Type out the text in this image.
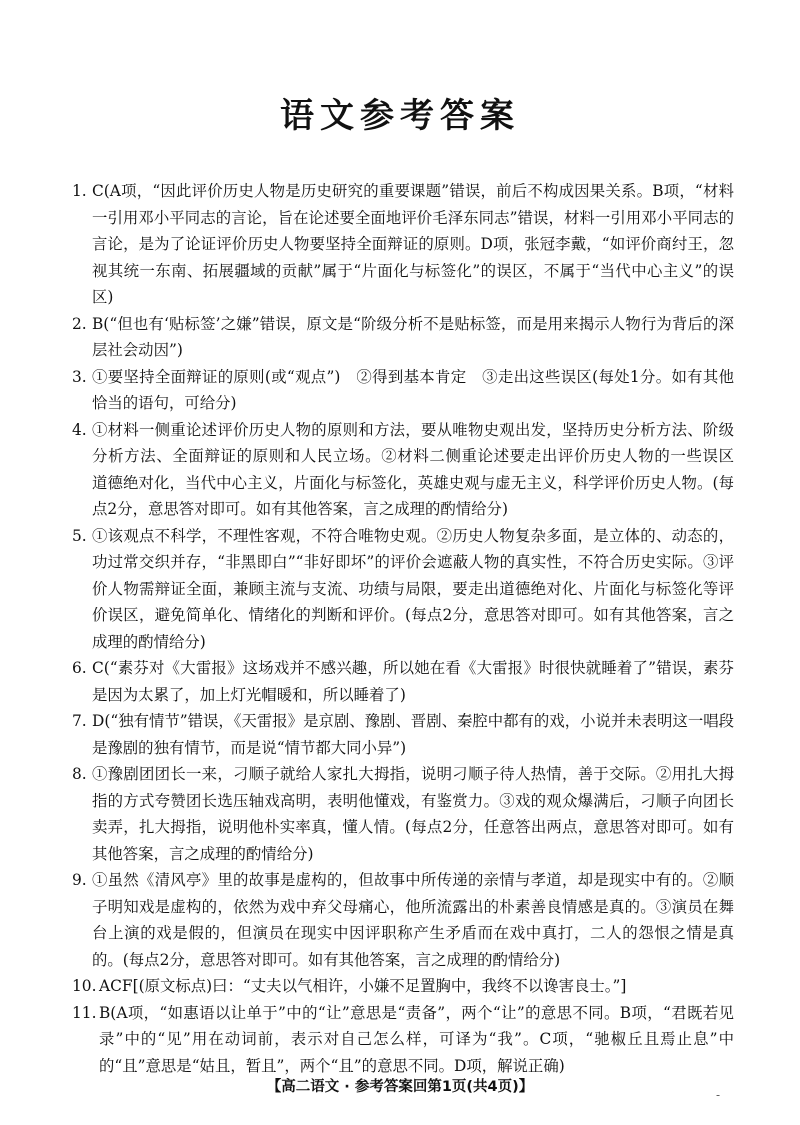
语文参考答案
1. C(A项，“因此评价历史人物是历史研究的重要课题”错误，前后不构成因果关系。B项，“材料一引用邓小平同志的言论，旨在论述要全面地评价毛泽东同志”错误，材料一引用邓小平同志的言论，是为了论证评价历史人物要坚持全面辩证的原则。D项，张冠李戴，“如评价商纣王，忽视其统一东南、拓展疆域的贡献”属于“片面化与标签化”的误区，不属于“当代中心主义”的误区)
2. B(“但也有‘贴标签’之嫌”错误，原文是“阶级分析不是贴标签，而是用来揭示人物行为背后的深层社会动因”)
3. ①要坚持全面辩证的原则(或“观点”)　②得到基本肯定　③走出这些误区(每处1分。如有其他恰当的语句，可给分)
4. ①材料一侧重论述评价历史人物的原则和方法，要从唯物史观出发，坚持历史分析方法、阶级分析方法、全面辩证的原则和人民立场。②材料二侧重论述要走出评价历史人物的一些误区　　道德绝对化，当代中心主义，片面化与标签化，英雄史观与虚无主义，科学评价历史人物。(每点2分，意思答对即可。如有其他答案，言之成理的酌情给分)
5. ①该观点不科学，不理性客观，不符合唯物史观。②历史人物复杂多面，是立体的、动态的，功过常交织并存，“非黑即白”“非好即坏”的评价会遮蔽人物的真实性，不符合历史实际。③评价人物需辩证全面，兼顾主流与支流、功绩与局限，要走出道德绝对化、片面化与标签化等评价误区，避免简单化、情绪化的判断和评价。(每点2分，意思答对即可。如有其他答案，言之成理的酌情给分)
6. C(“素芬对《大雷报》这场戏并不感兴趣，所以她在看《大雷报》时很快就睡着了”错误，素芬是因为太累了，加上灯光帽暖和，所以睡着了)
7. D(“独有情节”错误，《天雷报》是京剧、豫剧、晋剧、秦腔中都有的戏，小说并未表明这一唱段是豫剧的独有情节，而是说“情节都大同小异”)
8. ①豫剧团团长一来，刁顺子就给人家扎大拇指，说明刁顺子待人热情，善于交际。②用扎大拇指的方式夸赞团长选压轴戏高明，表明他懂戏，有鉴赏力。③戏的观众爆满后，刁顺子向团长卖弄，扎大拇指，说明他朴实率真，懂人情。(每点2分，任意答出两点，意思答对即可。如有其他答案，言之成理的酌情给分)
9. ①虽然《清风亭》里的故事是虚构的，但故事中所传递的亲情与孝道，却是现实中有的。②顺子明知戏是虚构的，依然为戏中弃父母痛心，他所流露出的朴素善良情感是真的。③演员在舞台上演的戏是假的，但演员在现实中因评职称产生矛盾而在戏中真打，二人的怨恨之情是真的。(每点2分，意思答对即可。如有其他答案，言之成理的酌情给分)
10. ACF[(原文标点)曰：“丈夫以气相许，小嫌不足置胸中，我终不以谗害良士。”]
11. B(A项，“如惠语以让单于”中的“让”意思是“责备”，两个“让”的意思不同。B项，“君既若见录”中的“见”用在动词前，表示对自己怎么样，可译为“我”。C项，“驰椒丘且焉止息”中的“且”意思是“姑且，暂且”，两个“且”的意思不同。D项，解说正确)
【高二语文 · 参考答案回第1页(共4页)】	-
